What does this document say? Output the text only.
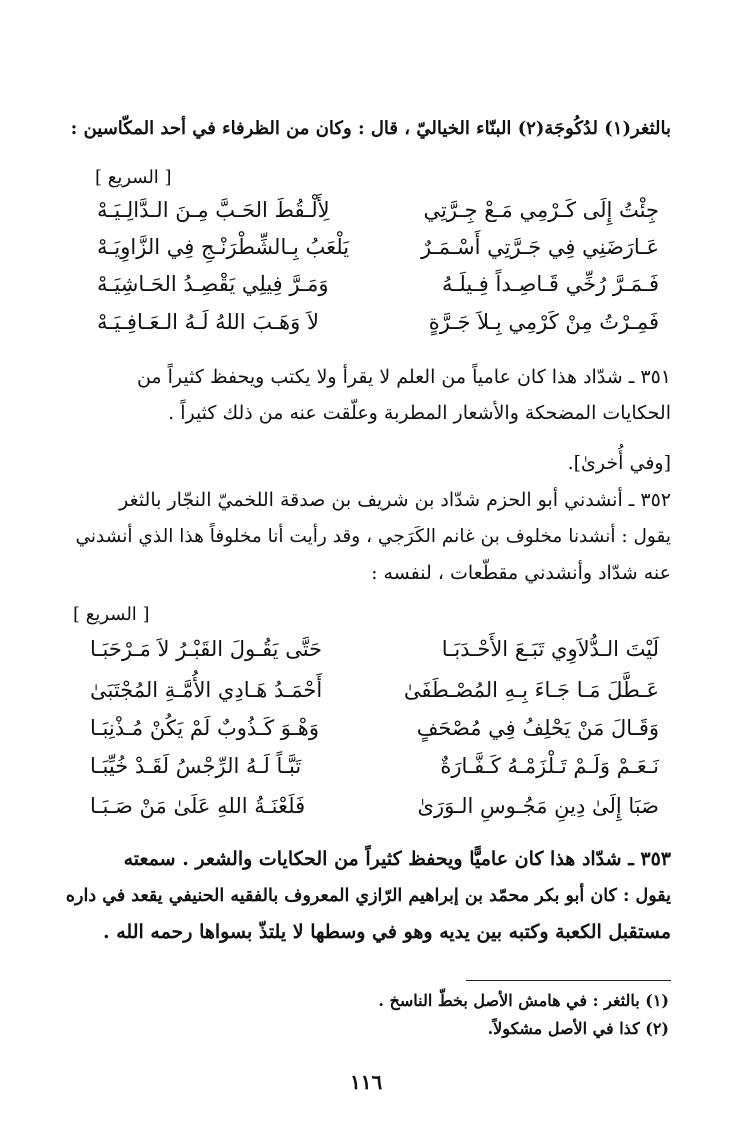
بالثغر(١) لدُكُوجَة(٢) البنّاء الخياليّ ، قال : وكان من الظرفاء في أحد المكّاسين :
[ السريع ]
جِئْتُ إِلَى كَـرْمِي مَـعْ جِـرَّتِي
لِأَلْـقُطَ الحَـبَّ مِـنَ الـدَّالِـيَـهْ
عَـارَضَنِي فِي جَـرَّتِي أَسْـمَـرٌ
يَلْعَبُ بِـالشِّطْرَنْـجِ فِي الزَّاوِيَـهْ
فَـمَـرَّ رُخِّي قَـاصِـداً فِـيلَـهُ
وَمَـرَّ فِيلِي يَقْصِـدُ الحَـاشِيَـهْ
فَمِـرْتُ مِنْ كَرْمِي بِـلاَ جَـرَّةٍ
لاَ وَهَـبَ اللهُ لَـهُ الـعَـافِـيَـهْ
٣٥١ ـ شدّاد هذا كان عامياً من العلم لا يقرأ ولا يكتب ويحفظ كثيراً من
الحكايات المضحكة والأشعار المطربة وعلّقت عنه من ذلك كثيراً .
[وفي أُخرىٰ].
٣٥٢ ـ أنشدني أبو الحزم شدّاد بن شريف بن صدقة اللخميّ النجّار بالثغر
يقول : أنشدنا مخلوف بن غانم الكَرَجي ، وقد رأيت أنا مخلوفاً هذا الذي أنشدني
عنه شدّاد وأنشدني مقطّعات ، لنفسه :
[ السريع ]
لَيْتَ الـدُّلاَوِي تَبَـعَ الأَحْـدَبَـا
حَتَّى يَقُـولَ القَبْـرُ لاَ مَـرْحَبَـا
عَـطَّلَ مَـا جَـاءَ بِـهِ المُصْـطَفَىٰ
أَحْمَـدُ هَـادِي الأُمَّـةِ المُجْتَبَىٰ
وَقَـالَ مَنْ يَحْلِفُ فِي مُصْحَفٍ
وَهْـوَ كَـذُوبٌ لَمْ يَكُنْ مُـذْنِبَـا
نَـعَـمْ وَلَـمْ تَـلْزَمْـهُ كَـفَّـارَةٌ
تَبَّـاً لَـهُ الرِّجْسُ لَقَـدْ خُيِّبَـا
صَبَا إِلَىٰ دِينِ مَجُـوسِ الـوَرَىٰ
فَلَعْنَـةُ اللهِ عَلَىٰ مَنْ صَـبَـا
٣٥٣ ـ شدّاد هذا كان عاميًّا ويحفظ كثيراً من الحكايات والشعر . سمعته
يقول : كان أبو بكر محمّد بن إبراهيم الرّازي المعروف بالفقيه الحنيفي يقعد في داره
مستقبل الكعبة وكتبه بين يديه وهو في وسطها لا يلتذّ بسواها رحمه الله .
(١) بالثغر : في هامش الأصل بخطّ الناسخ .
(٢) كذا في الأصل مشكولاً.
١١٦
